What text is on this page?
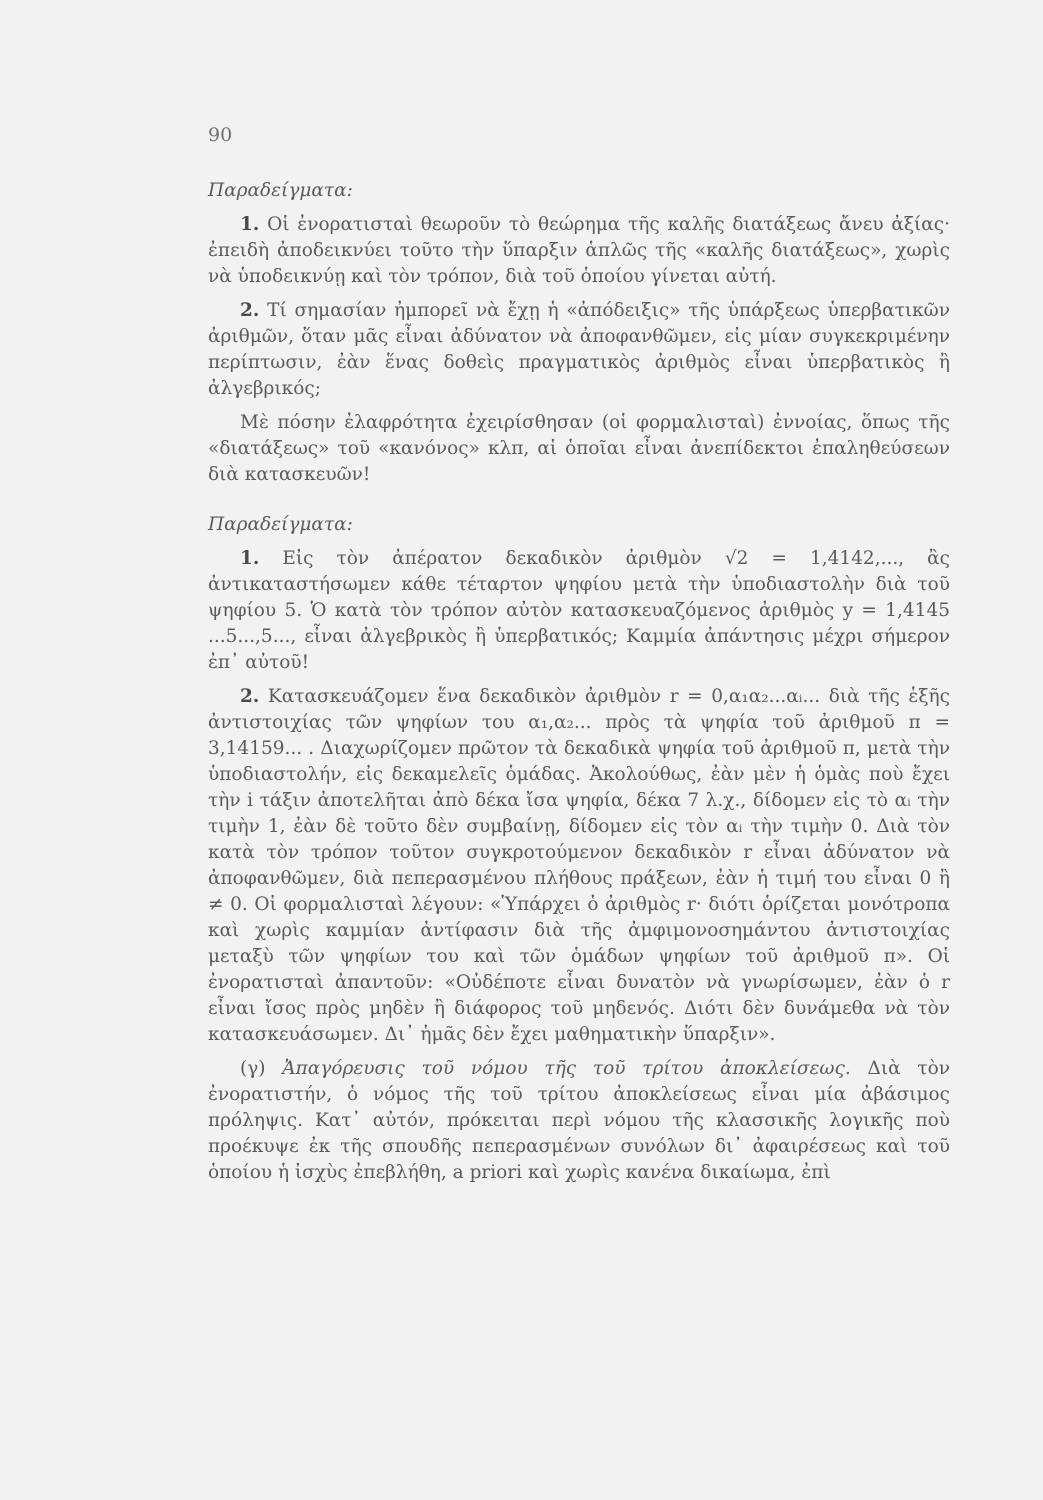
90

Παραδείγματα:

1. Οἱ ἐνορατισταὶ θεωροῦν τὸ θεώρημα τῆς καλῆς διατάξεως ἄνευ ἀξίας· ἐπειδὴ ἀποδεικνύει τοῦτο τὴν ὕπαρξιν ἁπλῶς τῆς «καλῆς διατάξεως», χωρὶς νὰ ὑποδεικνύῃ καὶ τὸν τρόπον, διὰ τοῦ ὁποίου γίνεται αὐτή.

2. Τί σημασίαν ἠμπορεῖ νὰ ἔχῃ ἡ «ἀπόδειξις» τῆς ὑπάρξεως ὑπερβατικῶν ἀριθμῶν, ὅταν μᾶς εἶναι ἀδύνατον νὰ ἀποφανθῶμεν, εἰς μίαν συγκεκριμένην περίπτωσιν, ἐὰν ἕνας δοθεὶς πραγματικὸς ἀριθμὸς εἶναι ὑπερβατικὸς ἢ ἀλγεβρικός;

Μὲ πόσην ἐλαφρότητα ἐχειρίσθησαν (οἱ φορμαλισταὶ) ἐννοίας, ὅπως τῆς «διατάξεως» τοῦ «κανόνος» κλπ, αἱ ὁποῖαι εἶναι ἀνεπίδεκτοι ἐπαληθεύσεων διὰ κατασκευῶν!

Παραδείγματα:

1. Εἰς τὸν ἀπέρατον δεκαδικὸν ἀριθμὸν √2 = 1,4142,..., ἂς ἀντικαταστήσωμεν κάθε τέταρτον ψηφίου μετὰ τὴν ὑποδιαστολὴν διὰ τοῦ ψηφίου 5. Ὁ κατὰ τὸν τρόπον αὐτὸν κατασκευαζόμενος ἀριθμὸς y = 1,4145 ...5...,5..., εἶναι ἀλγεβρικὸς ἢ ὑπερβατικός; Καμμία ἀπάντησις μέχρι σήμερον ἐπ᾽ αὐτοῦ!

2. Κατασκευάζομεν ἕνα δεκαδικὸν ἀριθμὸν r = 0,α₁α₂...αᵢ... διὰ τῆς ἑξῆς ἀντιστοιχίας τῶν ψηφίων του α₁,α₂... πρὸς τὰ ψηφία τοῦ ἀριθμοῦ π = 3,14159... . Διαχωρίζομεν πρῶτον τὰ δεκαδικὰ ψηφία τοῦ ἀριθμοῦ π, μετὰ τὴν ὑποδιαστολήν, εἰς δεκαμελεῖς ὁμάδας. Ἀκολούθως, ἐὰν μὲν ἡ ὁμὰς ποὺ ἔχει τὴν i τάξιν ἀποτελῆται ἀπὸ δέκα ἴσα ψηφία, δέκα 7 λ.χ., δίδομεν εἰς τὸ αᵢ τὴν τιμὴν 1, ἐὰν δὲ τοῦτο δὲν συμβαίνῃ, δίδομεν εἰς τὸν αᵢ τὴν τιμὴν 0. Διὰ τὸν κατὰ τὸν τρόπον τοῦτον συγκροτούμενον δεκαδικὸν r εἶναι ἀδύνατον νὰ ἀποφανθῶμεν, διὰ πεπερασμένου πλήθους πράξεων, ἐὰν ἡ τιμή του εἶναι 0 ἢ ≠ 0. Οἱ φορμαλισταὶ λέγουν: «Ὑπάρχει ὁ ἀριθμὸς r· διότι ὁρίζεται μονότροπα καὶ χωρὶς καμμίαν ἀντίφασιν διὰ τῆς ἀμφιμονοσημάντου ἀντιστοιχίας μεταξὺ τῶν ψηφίων του καὶ τῶν ὁμάδων ψηφίων τοῦ ἀριθμοῦ π». Οἱ ἐνορατισταὶ ἀπαντοῦν: «Οὐδέποτε εἶναι δυνατὸν νὰ γνωρίσωμεν, ἐὰν ὁ r εἶναι ἴσος πρὸς μηδὲν ἢ διάφορος τοῦ μηδενός. Διότι δὲν δυνάμεθα νὰ τὸν κατασκευάσωμεν. Δι᾽ ἡμᾶς δὲν ἔχει μαθηματικὴν ὕπαρξιν».

(γ) Ἀπαγόρευσις τοῦ νόμου τῆς τοῦ τρίτου ἀποκλείσεως. Διὰ τὸν ἐνορατιστήν, ὁ νόμος τῆς τοῦ τρίτου ἀποκλείσεως εἶναι μία ἀβάσιμος πρόληψις. Κατ᾽ αὐτόν, πρόκειται περὶ νόμου τῆς κλασσικῆς λογικῆς ποὺ προέκυψε ἐκ τῆς σπουδῆς πεπερασμένων συνόλων δι᾽ ἀφαιρέσεως καὶ τοῦ ὁποίου ἡ ἰσχὺς ἐπεβλήθη, a priori καὶ χωρὶς κανένα δικαίωμα, ἐπὶ
